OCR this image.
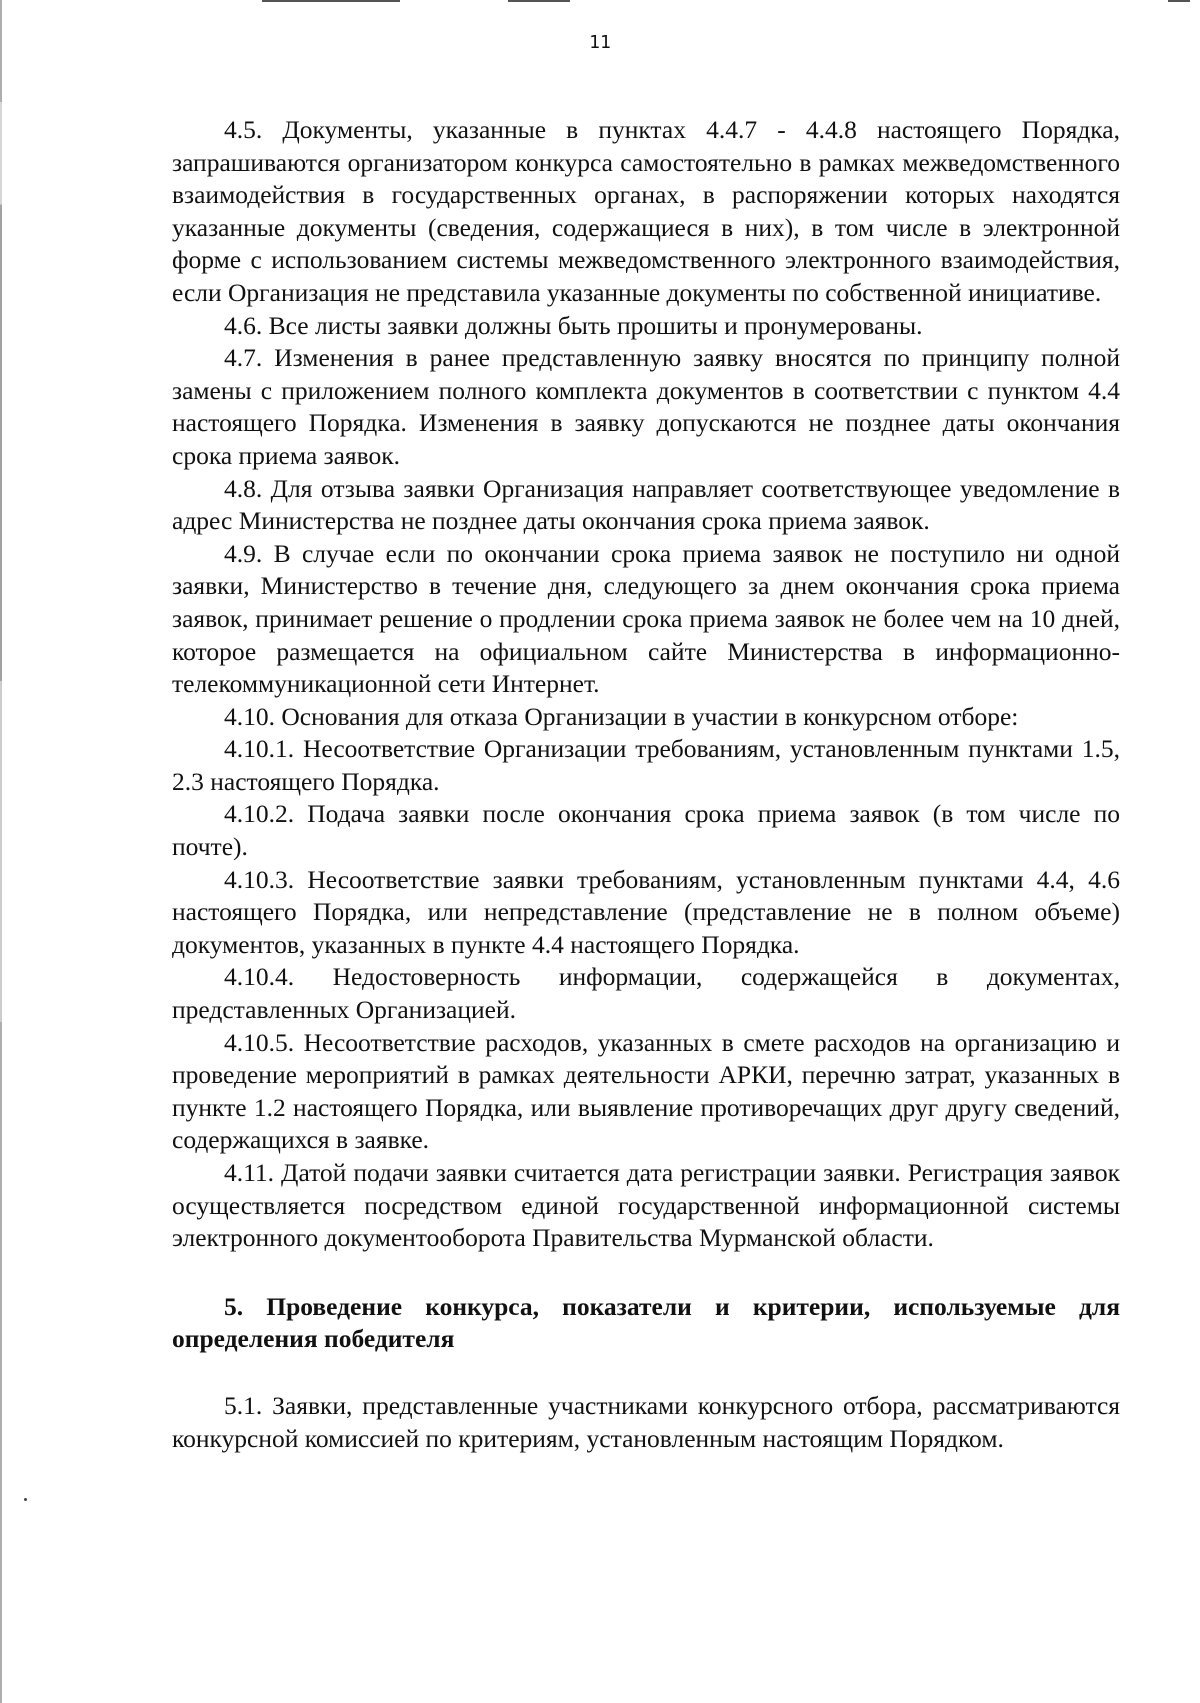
11

4.5. Документы, указанные в пунктах 4.4.7 - 4.4.8 настоящего Порядка, запрашиваются организатором конкурса самостоятельно в рамках межведомственного взаимодействия в государственных органах, в распоряжении которых находятся указанные документы (сведения, содержащиеся в них), в том числе в электронной форме с использованием системы межведомственного электронного взаимодействия, если Организация не представила указанные документы по собственной инициативе.

4.6. Все листы заявки должны быть прошиты и пронумерованы.

4.7. Изменения в ранее представленную заявку вносятся по принципу полной замены с приложением полного комплекта документов в соответствии с пунктом 4.4 настоящего Порядка. Изменения в заявку допускаются не позднее даты окончания срока приема заявок.

4.8. Для отзыва заявки Организация направляет соответствующее уведомление в адрес Министерства не позднее даты окончания срока приема заявок.

4.9. В случае если по окончании срока приема заявок не поступило ни одной заявки, Министерство в течение дня, следующего за днем окончания срока приема заявок, принимает решение о продлении срока приема заявок не более чем на 10 дней, которое размещается на официальном сайте Министерства в информационно-телекоммуникационной сети Интернет.

4.10. Основания для отказа Организации в участии в конкурсном отборе:

4.10.1. Несоответствие Организации требованиям, установленным пунктами 1.5, 2.3 настоящего Порядка.

4.10.2. Подача заявки после окончания срока приема заявок (в том числе по почте).

4.10.3. Несоответствие заявки требованиям, установленным пунктами 4.4, 4.6 настоящего Порядка, или непредставление (представление не в полном объеме) документов, указанных в пункте 4.4 настоящего Порядка.

4.10.4. Недостоверность информации, содержащейся в документах, представленных Организацией.

4.10.5. Несоответствие расходов, указанных в смете расходов на организацию и проведение мероприятий в рамках деятельности АРКИ, перечню затрат, указанных в пункте 1.2 настоящего Порядка, или выявление противоречащих друг другу сведений, содержащихся в заявке.

4.11. Датой подачи заявки считается дата регистрации заявки. Регистрация заявок осуществляется посредством единой государственной информационной системы электронного документооборота Правительства Мурманской области.

5. Проведение конкурса, показатели и критерии, используемые для определения победителя

5.1. Заявки, представленные участниками конкурсного отбора, рассматриваются конкурсной комиссией по критериям, установленным настоящим Порядком.
